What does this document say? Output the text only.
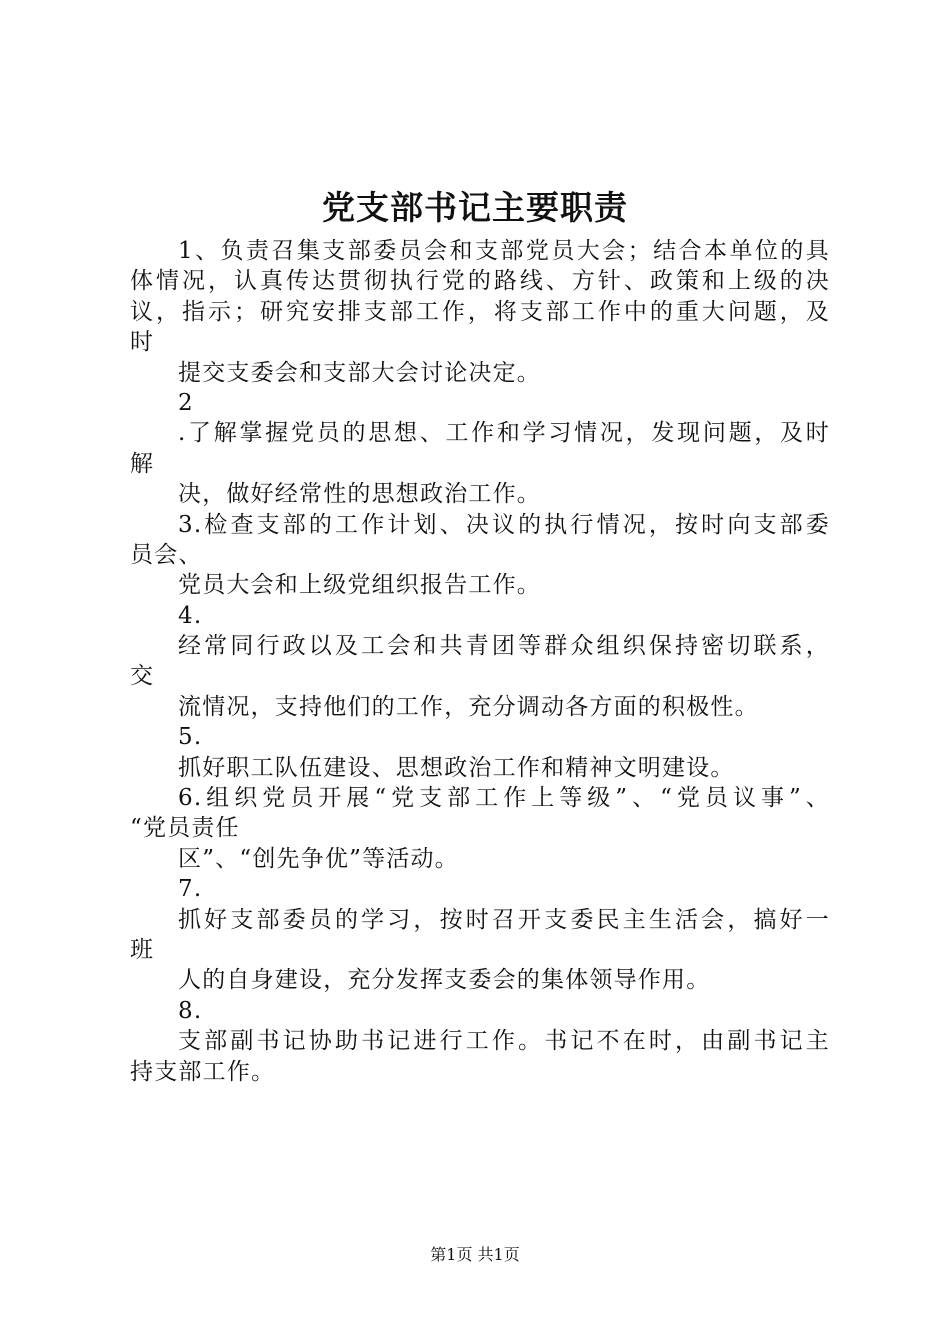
党支部书记主要职责
1、负责召集支部委员会和支部党员大会；结合本单位的具
体情况，认真传达贯彻执行党的路线、方针、政策和上级的决
议，指示；研究安排支部工作，将支部工作中的重大问题，及
时
提交支委会和支部大会讨论决定。
2
.了解掌握党员的思想、工作和学习情况，发现问题，及时
解
决，做好经常性的思想政治工作。
3.检查支部的工作计划、决议的执行情况，按时向支部委
员会、
党员大会和上级党组织报告工作。
4.
经常同行政以及工会和共青团等群众组织保持密切联系，
交
流情况，支持他们的工作，充分调动各方面的积极性。
5.
抓好职工队伍建设、思想政治工作和精神文明建设。
6.组织党员开展“党支部工作上等级”、“党员议事”、
“党员责任
区”、“创先争优”等活动。
7.
抓好支部委员的学习，按时召开支委民主生活会，搞好一
班
人的自身建设，充分发挥支委会的集体领导作用。
8.
支部副书记协助书记进行工作。书记不在时，由副书记主
持支部工作。
第1页 共1页
